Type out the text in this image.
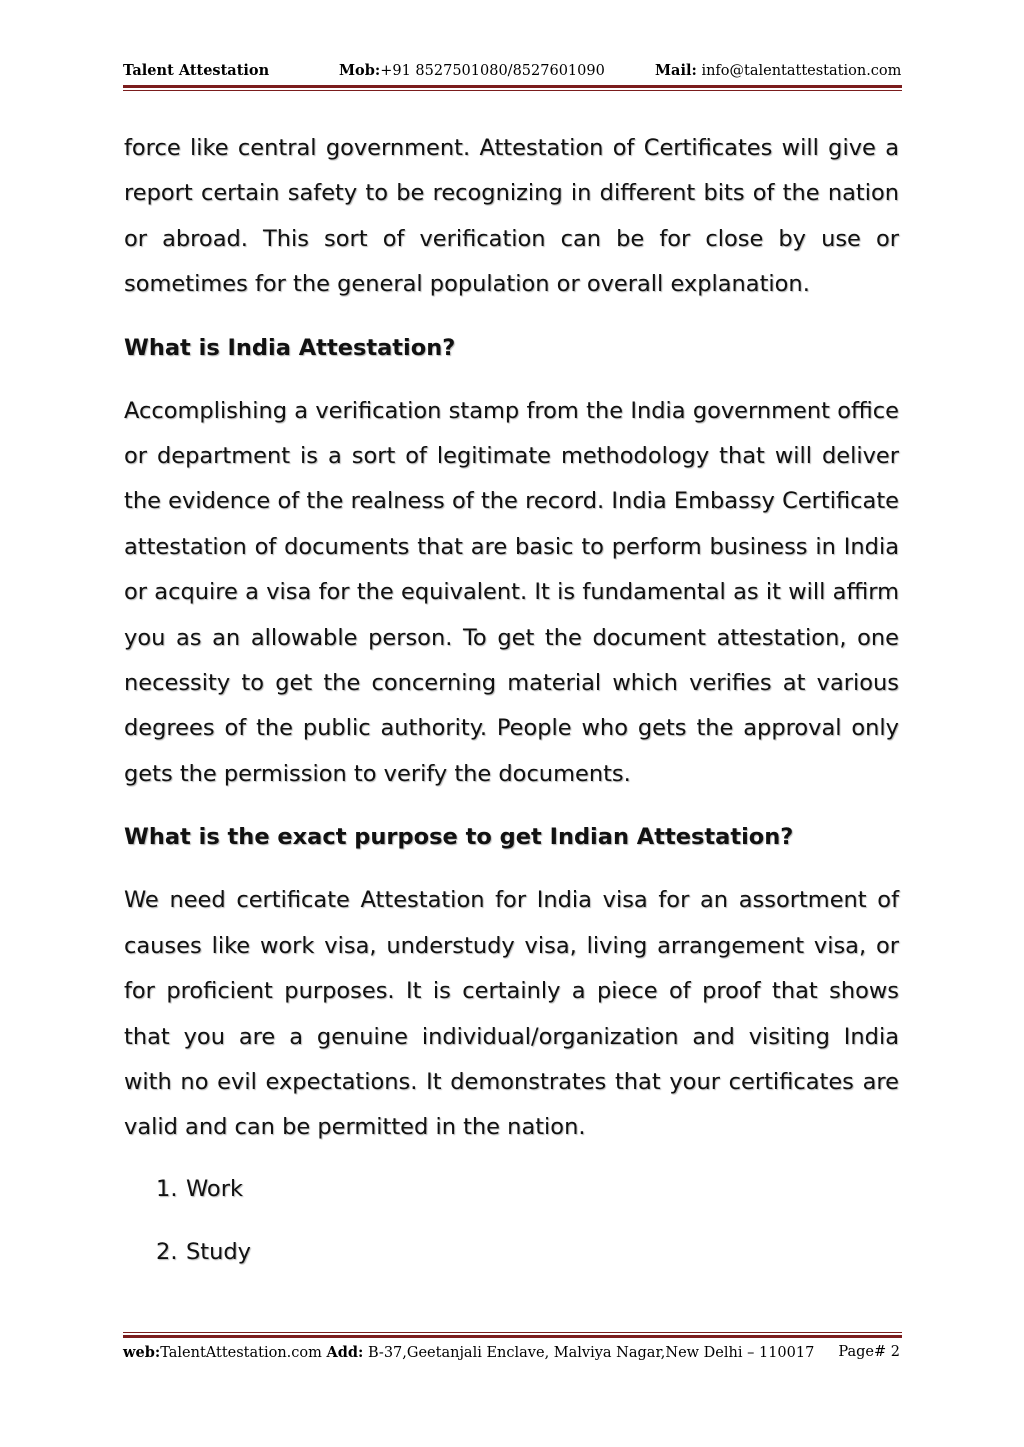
Talent Attestation	Mob:+91 8527501080/8527601090	Mail: info@talentattestation.com

force like central government. Attestation of Certificates will give a report certain safety to be recognizing in different bits of the nation or abroad. This sort of verification can be for close by use or sometimes for the general population or overall explanation.

What is India Attestation?

Accomplishing a verification stamp from the India government office or department is a sort of legitimate methodology that will deliver the evidence of the realness of the record. India Embassy Certificate attestation of documents that are basic to perform business in India or acquire a visa for the equivalent. It is fundamental as it will affirm you as an allowable person. To get the document attestation, one necessity to get the concerning material which verifies at various degrees of the public authority. People who gets the approval only gets the permission to verify the documents.

What is the exact purpose to get Indian Attestation?

We need certificate Attestation for India visa for an assortment of causes like work visa, understudy visa, living arrangement visa, or for proficient purposes. It is certainly a piece of proof that shows that you are a genuine individual/organization and visiting India with no evil expectations. It demonstrates that your certificates are valid and can be permitted in the nation.

1. Work
2. Study
web:TalentAttestation.com Add: B-37,Geetanjali Enclave, Malviya Nagar,New Delhi – 110017 Page# 2
